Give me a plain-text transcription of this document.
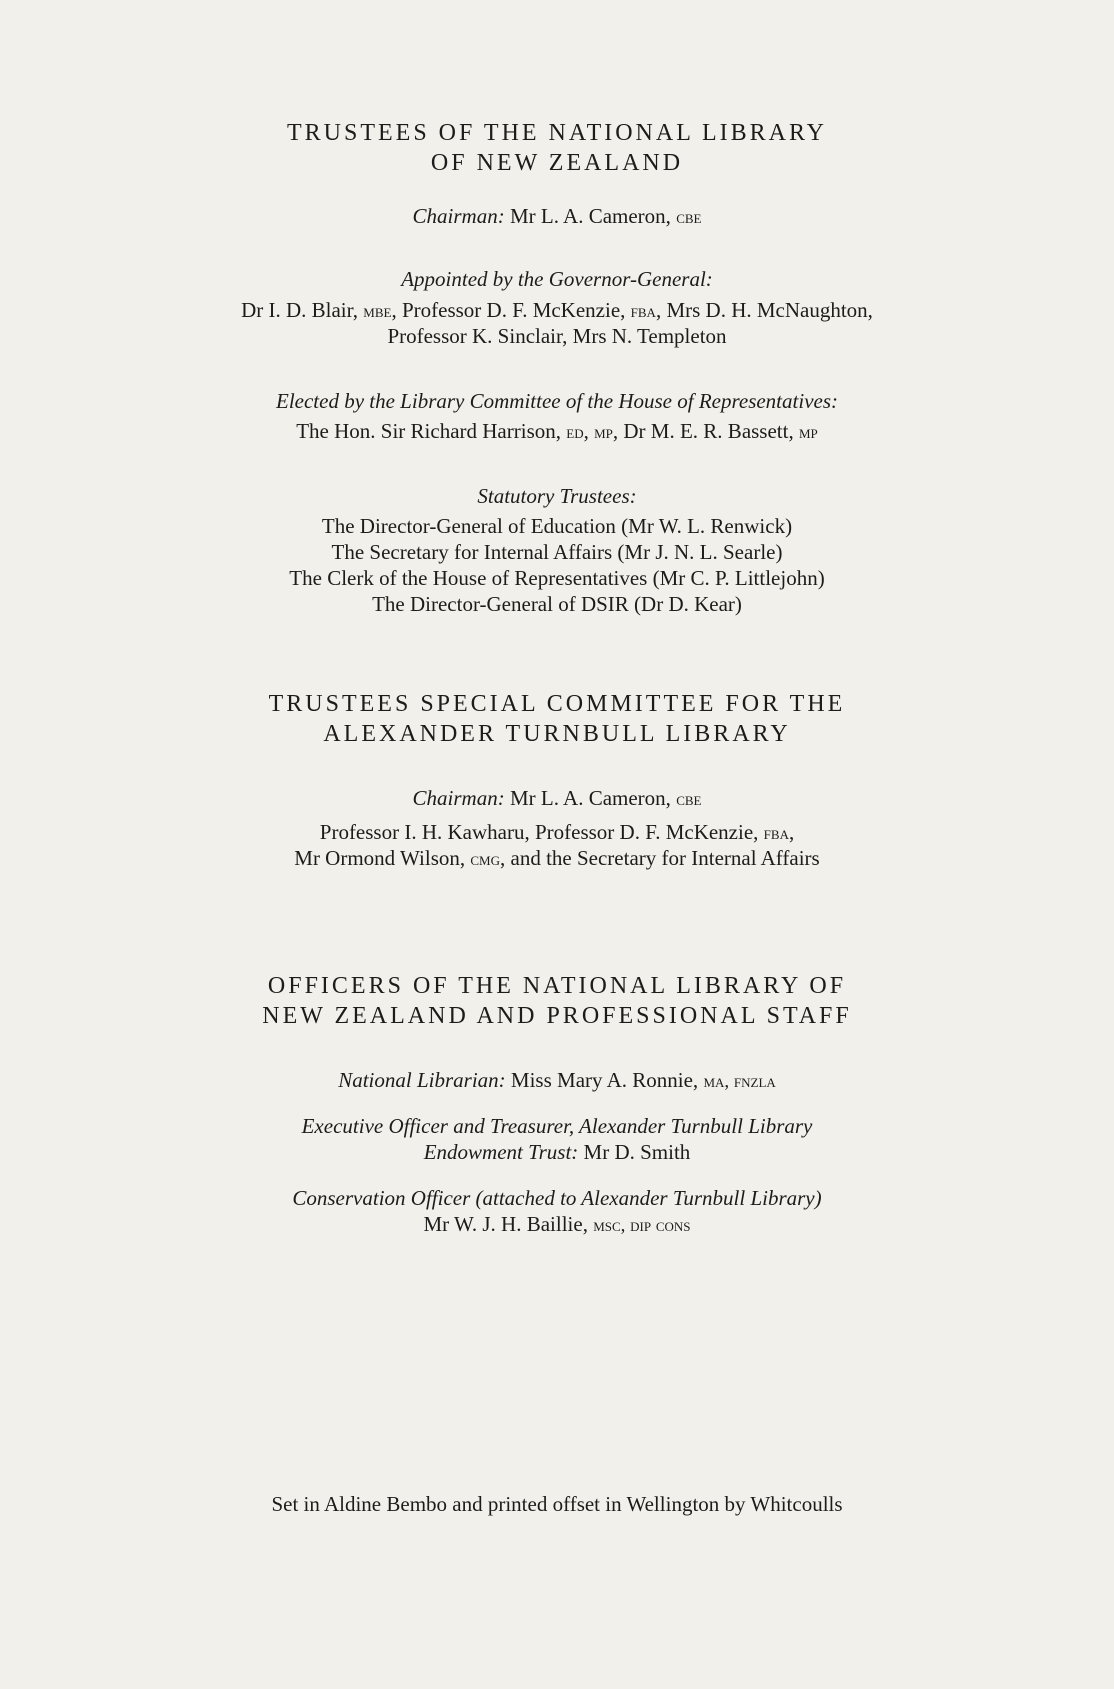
TRUSTEES OF THE NATIONAL LIBRARY
OF NEW ZEALAND
Chairman: Mr L. A. Cameron, cbe
Appointed by the Governor-General:
Dr I. D. Blair, mbe, Professor D. F. McKenzie, fba, Mrs D. H. McNaughton,
Professor K. Sinclair, Mrs N. Templeton
Elected by the Library Committee of the House of Representatives:
The Hon. Sir Richard Harrison, ed, mp, Dr M. E. R. Bassett, mp
Statutory Trustees:
The Director-General of Education (Mr W. L. Renwick)
The Secretary for Internal Affairs (Mr J. N. L. Searle)
The Clerk of the House of Representatives (Mr C. P. Littlejohn)
The Director-General of DSIR (Dr D. Kear)
TRUSTEES SPECIAL COMMITTEE FOR THE
ALEXANDER TURNBULL LIBRARY
Chairman: Mr L. A. Cameron, cbe
Professor I. H. Kawharu, Professor D. F. McKenzie, fba,
Mr Ormond Wilson, cmg, and the Secretary for Internal Affairs
OFFICERS OF THE NATIONAL LIBRARY OF
NEW ZEALAND AND PROFESSIONAL STAFF
National Librarian: Miss Mary A. Ronnie, ma, fnzla
Executive Officer and Treasurer, Alexander Turnbull Library
Endowment Trust: Mr D. Smith
Conservation Officer (attached to Alexander Turnbull Library)
Mr W. J. H. Baillie, msc, dip cons
Set in Aldine Bembo and printed offset in Wellington by Whitcoulls
